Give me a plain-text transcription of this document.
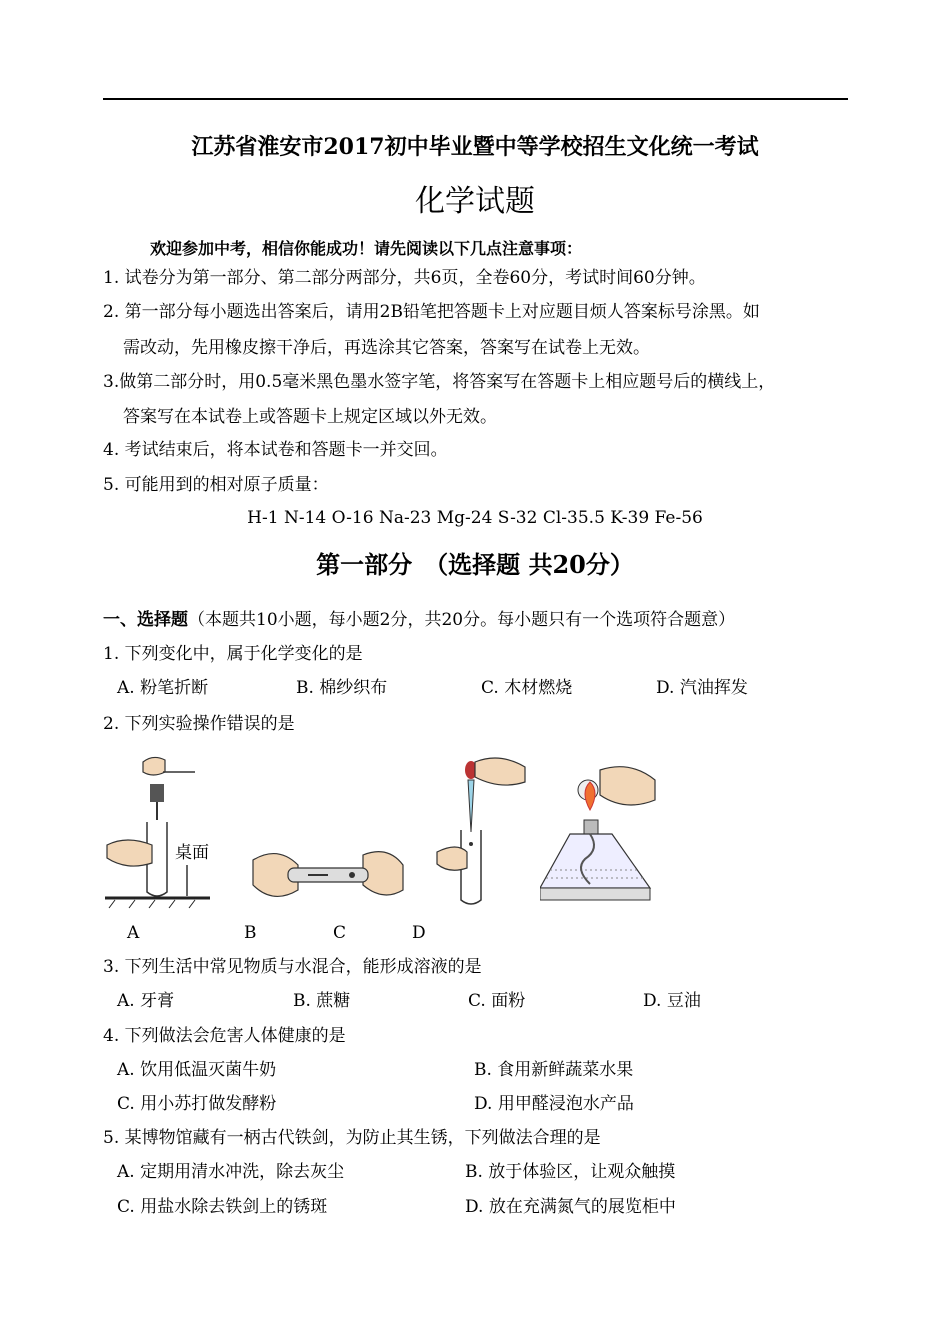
江苏省淮安市2017初中毕业暨中等学校招生文化统一考试
化学试题
欢迎参加中考，相信你能成功！请先阅读以下几点注意事项：
1. 试卷分为第一部分、第二部分两部分，共6页，全卷60分，考试时间60分钟。
2. 第一部分每小题选出答案后，请用2B铅笔把答题卡上对应题目烦人答案标号涂黑。如
需改动，先用橡皮擦干净后，再选涂其它答案，答案写在试卷上无效。
3.做第二部分时，用0.5毫米黑色墨水签字笔，将答案写在答题卡上相应题号后的横线上，
答案写在本试卷上或答题卡上规定区域以外无效。
4. 考试结束后，将本试卷和答题卡一并交回。
5. 可能用到的相对原子质量：
H-1 N-14 O-16 Na-23 Mg-24 S-32 Cl-35.5 K-39 Fe-56
第一部分　（选择题 共20分）
一、选择题（本题共10小题，每小题2分，共20分。每小题只有一个选项符合题意）
1. 下列变化中，属于化学变化的是
A. 粉笔折断	B. 棉纱织布	C. 木材燃烧	D. 汽油挥发
2. 下列实验操作错误的是
桌面
A	B	C	D
3. 下列生活中常见物质与水混合，能形成溶液的是
A. 牙膏	B. 蔗糖	C. 面粉	D. 豆油
4. 下列做法会危害人体健康的是
A. 饮用低温灭菌牛奶	B. 食用新鲜蔬菜水果
C. 用小苏打做发酵粉	D. 用甲醛浸泡水产品
5. 某博物馆藏有一柄古代铁剑，为防止其生锈，下列做法合理的是
A. 定期用清水冲洗，除去灰尘	B. 放于体验区，让观众触摸
C. 用盐水除去铁剑上的锈斑	D. 放在充满氮气的展览柜中
